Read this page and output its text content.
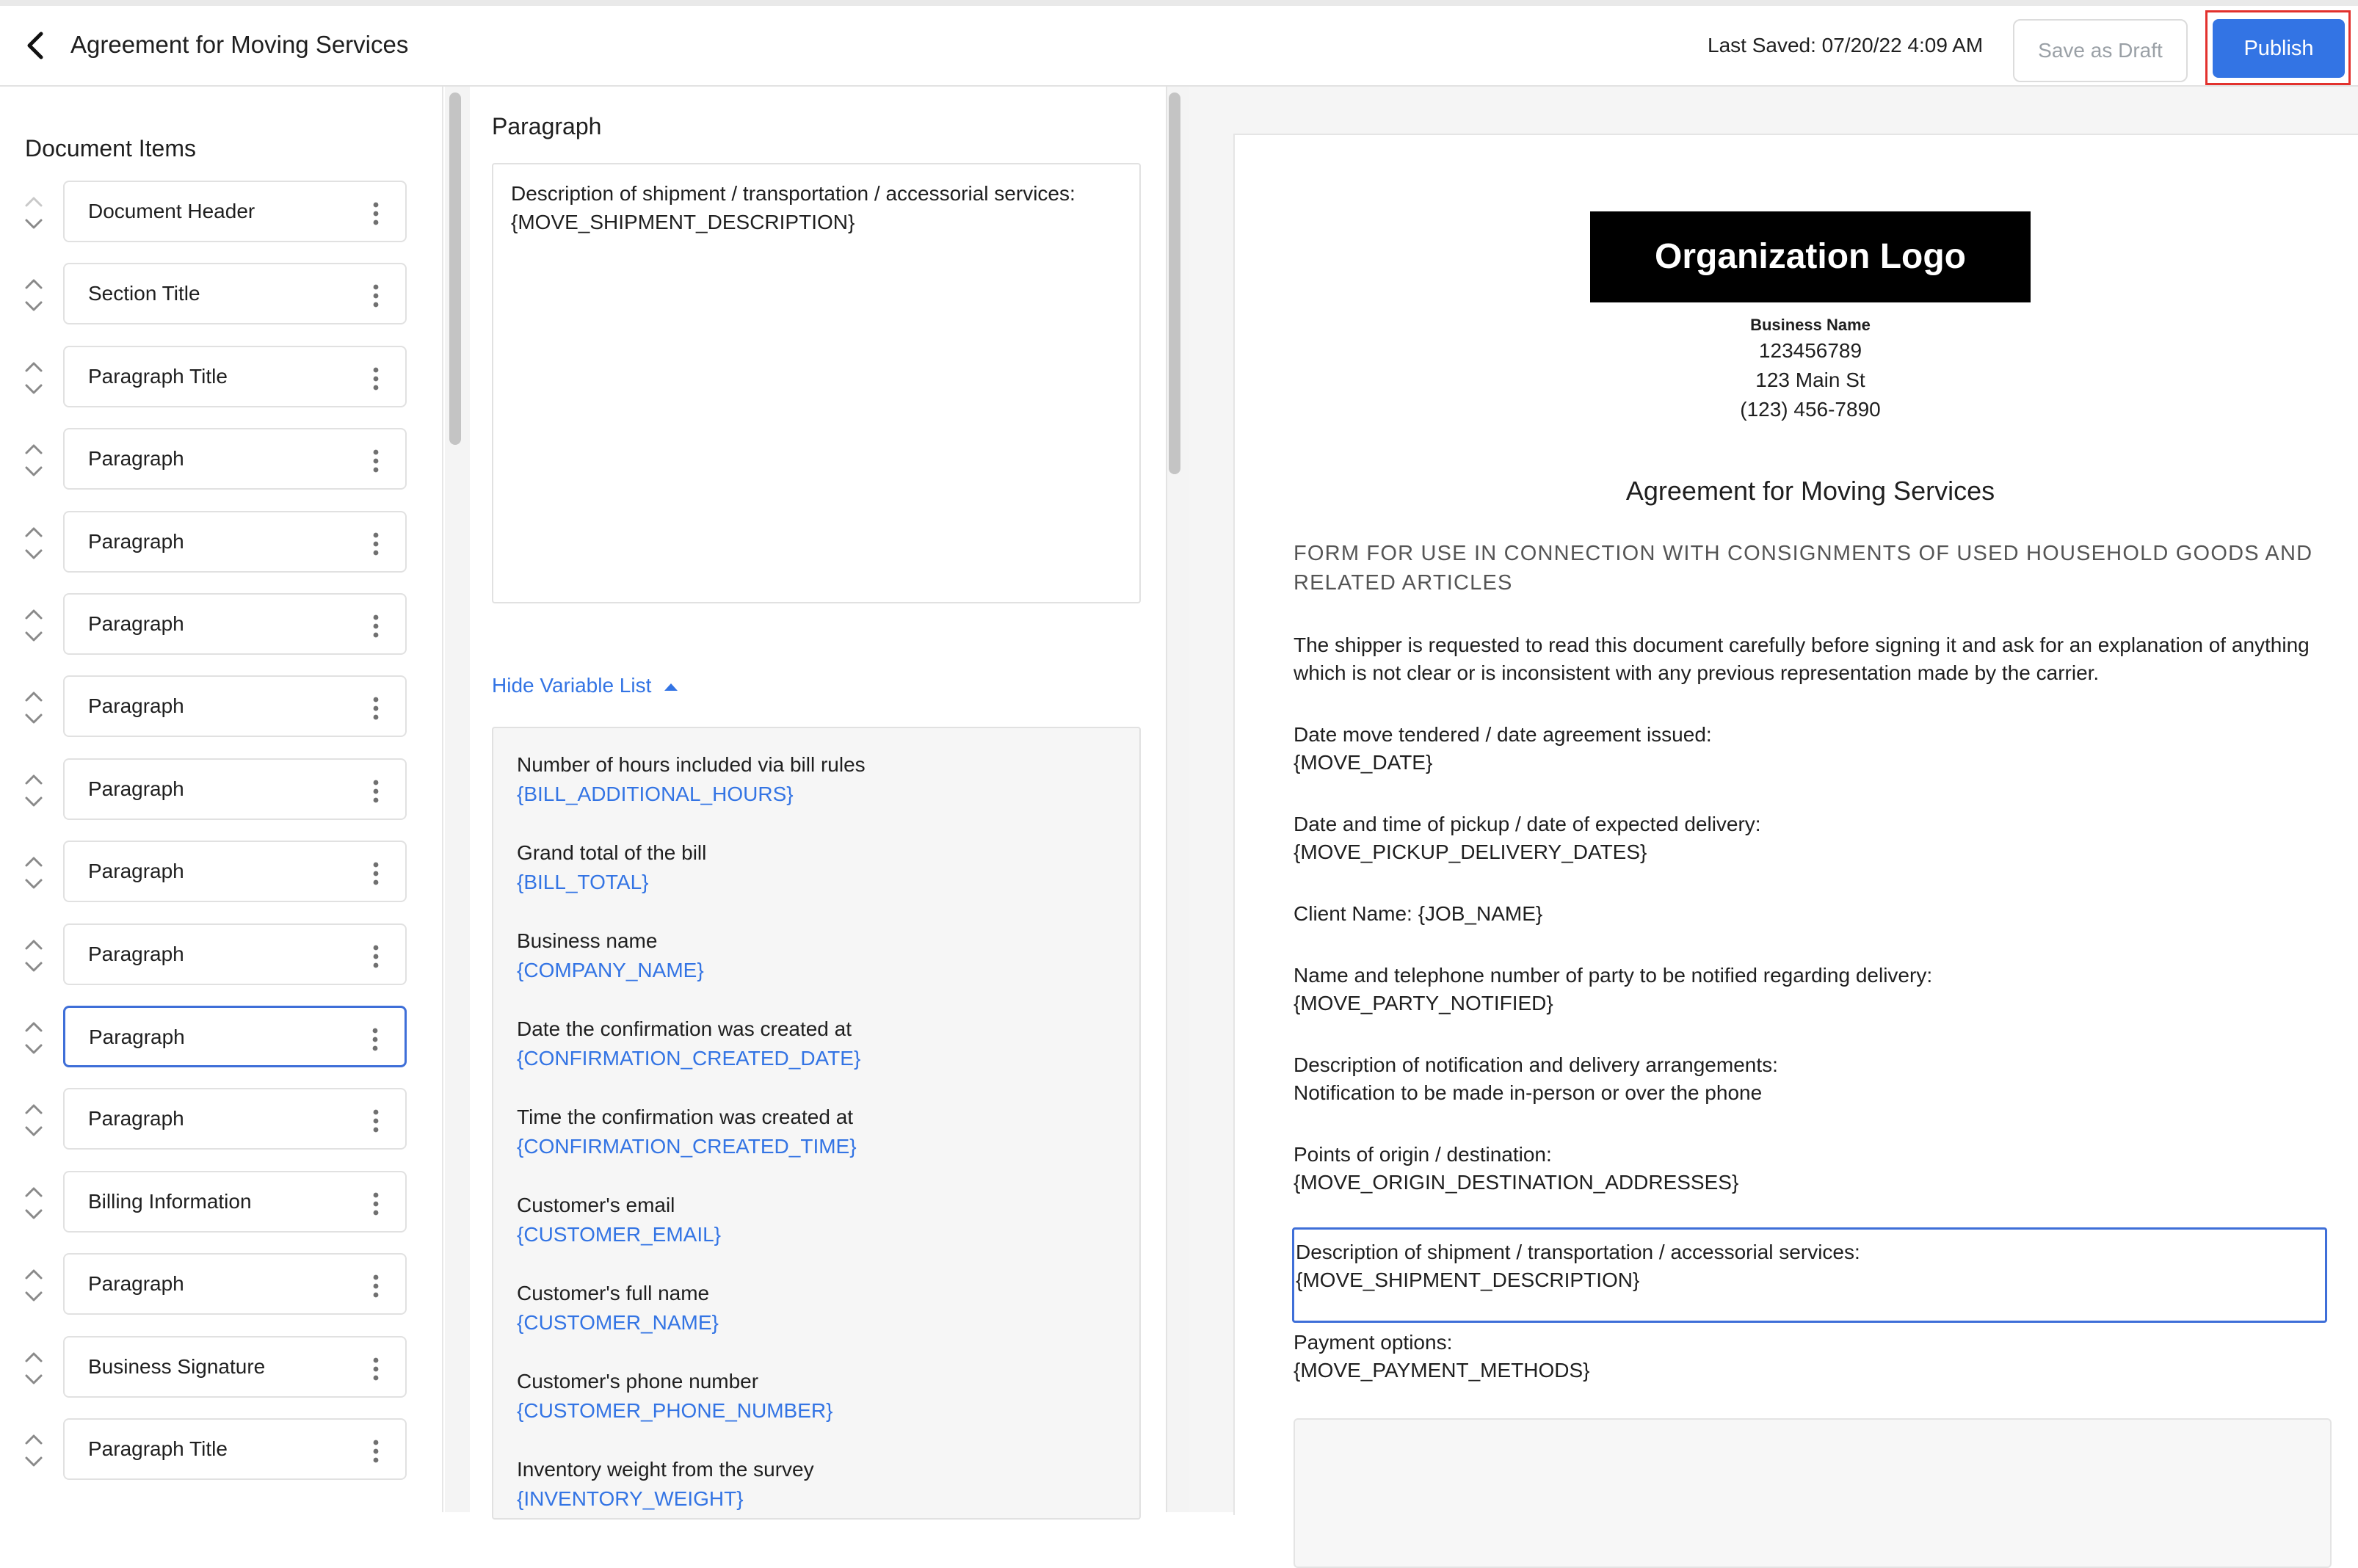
Agreement for Moving Services	Last Saved: 07/20/22 4:09 AM	Save as Draft	Publish
Document Items
Document Header
Section Title
Paragraph Title
Paragraph
Paragraph
Paragraph
Paragraph
Paragraph
Paragraph
Paragraph
Paragraph
Paragraph
Billing Information
Paragraph
Business Signature
Paragraph Title
Paragraph
Description of shipment / transportation / accessorial services:
{MOVE_SHIPMENT_DESCRIPTION}
Hide Variable List
Number of hours included via bill rules
{BILL_ADDITIONAL_HOURS}
Grand total of the bill
{BILL_TOTAL}
Business name
{COMPANY_NAME}
Date the confirmation was created at
{CONFIRMATION_CREATED_DATE}
Time the confirmation was created at
{CONFIRMATION_CREATED_TIME}
Customer's email
{CUSTOMER_EMAIL}
Customer's full name
{CUSTOMER_NAME}
Customer's phone number
{CUSTOMER_PHONE_NUMBER}
Inventory weight from the survey
{INVENTORY_WEIGHT}
Organization Logo
Business Name
123456789
123 Main St
(123) 456-7890
Agreement for Moving Services
FORM FOR USE IN CONNECTION WITH CONSIGNMENTS OF USED HOUSEHOLD GOODS AND RELATED ARTICLES
The shipper is requested to read this document carefully before signing it and ask for an explanation of anything which is not clear or is inconsistent with any previous representation made by the carrier.
Date move tendered / date agreement issued:
{MOVE_DATE}
Date and time of pickup / date of expected delivery:
{MOVE_PICKUP_DELIVERY_DATES}
Client Name: {JOB_NAME}
Name and telephone number of party to be notified regarding delivery:
{MOVE_PARTY_NOTIFIED}
Description of notification and delivery arrangements:
Notification to be made in-person or over the phone
Points of origin / destination:
{MOVE_ORIGIN_DESTINATION_ADDRESSES}
Description of shipment / transportation / accessorial services:
{MOVE_SHIPMENT_DESCRIPTION}
Payment options:
{MOVE_PAYMENT_METHODS}
